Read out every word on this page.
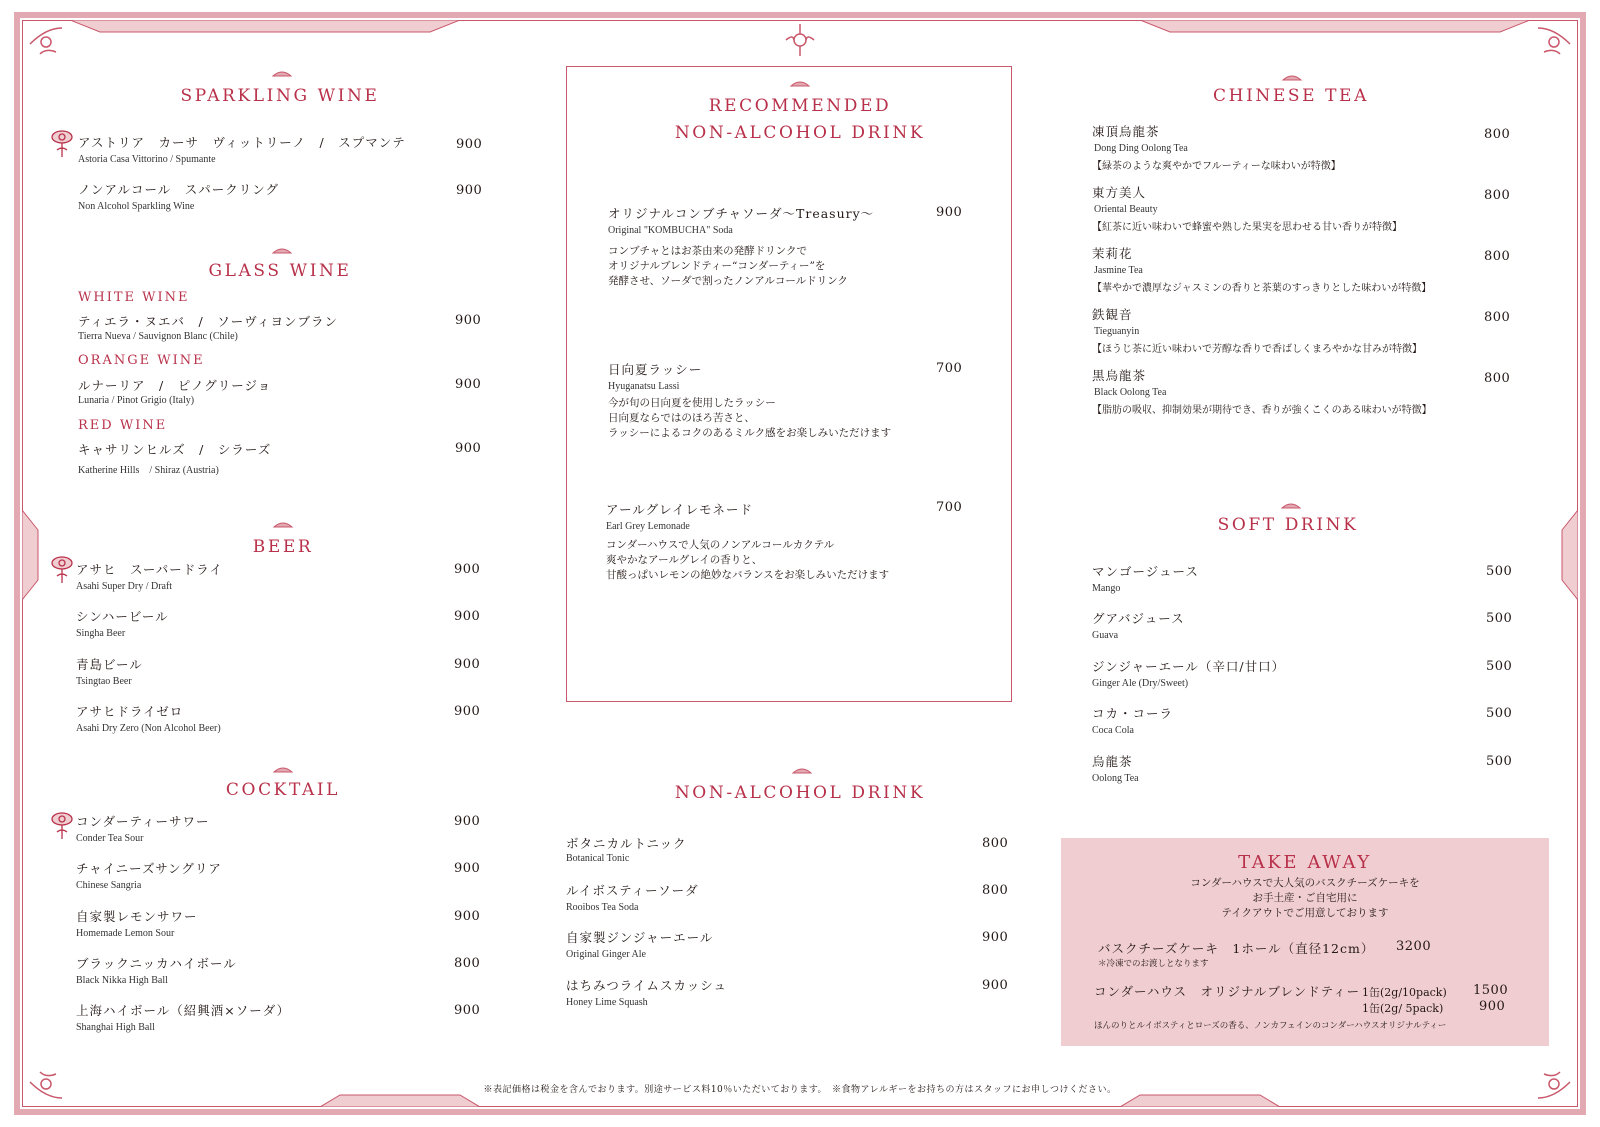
SPARKLING WINE
アストリア　カーサ　ヴィットリーノ　/　スプマンテ
Astoria Casa Vittorino / Spumante
900
ノンアルコール　スパークリング
Non Alcohol Sparkling Wine
900
GLASS WINE
WHITE WINE
ティエラ・ヌエバ　/　ソーヴィヨンブラン
Tierra Nueva / Sauvignon Blanc (Chile)
900
ORANGE WINE
ルナーリア　/　ピノグリージョ
Lunaria / Pinot Grigio (Italy)
900
RED WINE
キャサリンヒルズ　/　シラーズ
Katherine Hills　/ Shiraz (Austria)
900
BEER
アサヒ　スーパードライ
Asahi Super Dry / Draft
900
シンハービール
Singha Beer
900
青島ビール
Tsingtao Beer
900
アサヒドライゼロ
Asahi Dry Zero (Non Alcohol Beer)
900
COCKTAIL
コンダーティーサワー
Conder Tea Sour
900
チャイニーズサングリア
Chinese Sangria
900
自家製レモンサワー
Homemade Lemon Sour
900
ブラックニッカハイボール
Black Nikka High Ball
800
上海ハイボール（紹興酒×ソーダ）
Shanghai High Ball
900
RECOMMENDED
NON-ALCOHOL DRINK
オリジナルコンブチャソーダ〜Treasury〜
Original "KOMBUCHA" Soda
コンブチャとはお茶由来の発酵ドリンクで
オリジナルブレンドティー“コンダーティー”を
発酵させ、ソーダで割ったノンアルコールドリンク
900
日向夏ラッシー
Hyuganatsu Lassi
今が旬の日向夏を使用したラッシー
日向夏ならではのほろ苦さと、
ラッシーによるコクのあるミルク感をお楽しみいただけます
700
アールグレイレモネード
Earl Grey Lemonade
コンダーハウスで人気のノンアルコールカクテル
爽やかなアールグレイの香りと、
甘酸っぱいレモンの絶妙なバランスをお楽しみいただけます
700
NON-ALCOHOL DRINK
ボタニカルトニック
Botanical Tonic
800
ルイボスティーソーダ
Rooibos Tea Soda
800
自家製ジンジャーエール
Original Ginger Ale
900
はちみつライムスカッシュ
Honey Lime Squash
900
CHINESE TEA
凍頂烏龍茶
Dong Ding Oolong Tea
【緑茶のような爽やかでフルーティーな味わいが特徴】
800
東方美人
Oriental Beauty
【紅茶に近い味わいで蜂蜜や熟した果実を思わせる甘い香りが特徴】
800
茉莉花
Jasmine Tea
【華やかで濃厚なジャスミンの香りと茶葉のすっきりとした味わいが特徴】
800
鉄観音
Tieguanyin
【ほうじ茶に近い味わいで芳醇な香りで香ばしくまろやかな甘みが特徴】
800
黒烏龍茶
Black Oolong Tea
【脂肪の吸収、抑制効果が期待でき、香りが強くこくのある味わいが特徴】
800
SOFT DRINK
マンゴージュース
Mango
500
グアバジュース
Guava
500
ジンジャーエール（辛口/甘口）
Ginger Ale (Dry/Sweet)
500
コカ・コーラ
Coca Cola
500
烏龍茶
Oolong Tea
500
TAKE AWAY
コンダーハウスで大人気のバスクチーズケーキを
お手土産・ご自宅用に
テイクアウトでご用意しております
バスクチーズケーキ　1ホール（直径12cm） 3200
＊冷凍でのお渡しとなります
コンダーハウス　オリジナルブレンドティー 1缶(2g/10pack) 1500
1缶(2g/ 5pack)	900
ほんのりとルイボスティとローズの香る、ノンカフェインのコンダーハウスオリジナルティー
※表記価格は税金を含んでおります。別途サービス料10％いただいております。　※食物アレルギーをお持ちの方はスタッフにお申しつけください。
